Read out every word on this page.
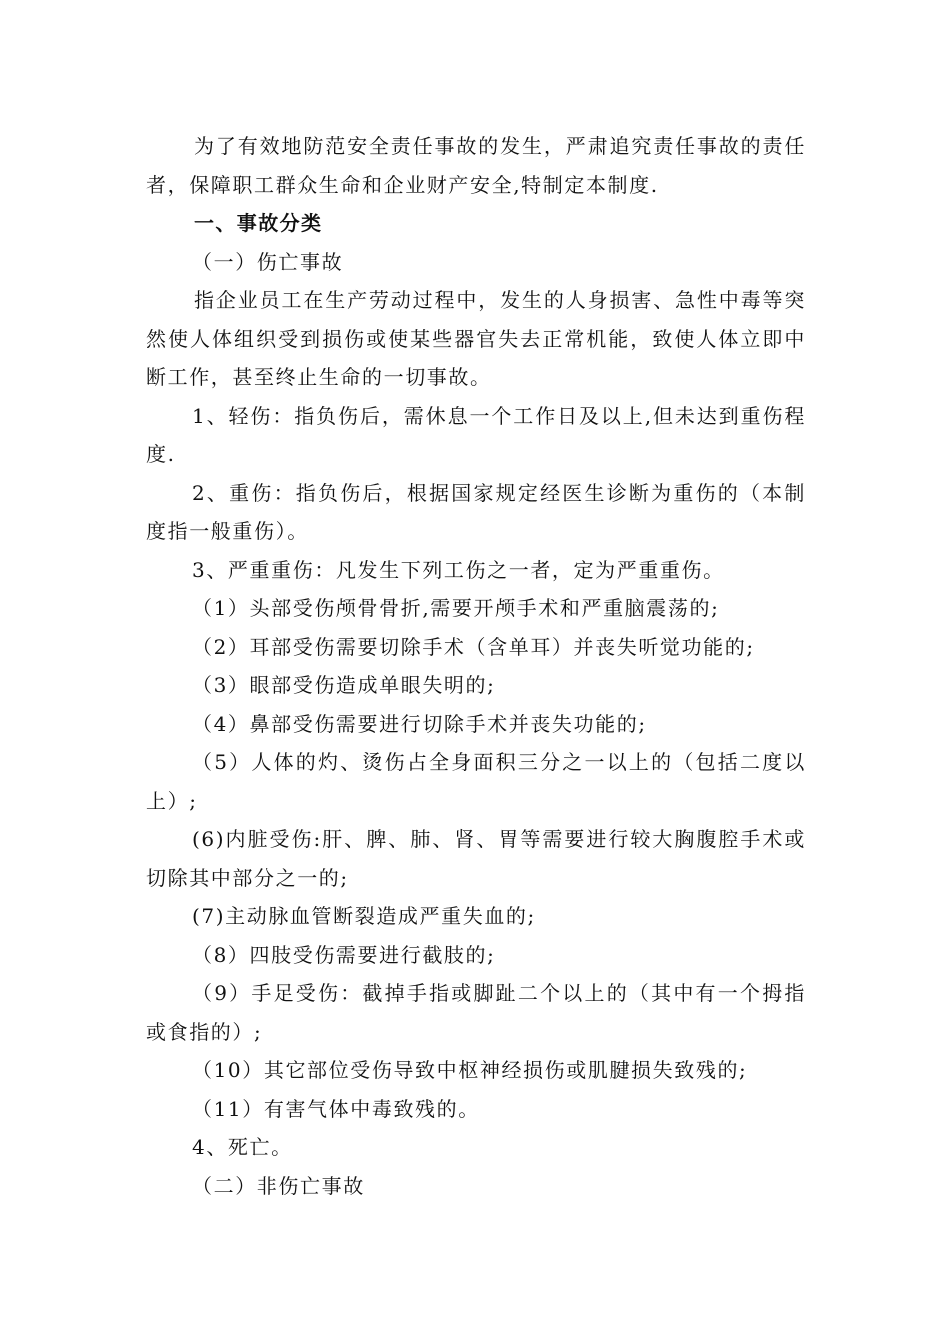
为了有效地防范安全责任事故的发生，严肃追究责任事故的责任者，保障职工群众生命和企业财产安全,特制定本制度.

一、事故分类

（一）伤亡事故

指企业员工在生产劳动过程中，发生的人身损害、急性中毒等突然使人体组织受到损伤或使某些器官失去正常机能，致使人体立即中断工作，甚至终止生命的一切事故。

1、轻伤：指负伤后，需休息一个工作日及以上,但未达到重伤程度.

2、重伤：指负伤后，根据国家规定经医生诊断为重伤的（本制度指一般重伤）。

3、严重重伤：凡发生下列工伤之一者，定为严重重伤。

（1）头部受伤颅骨骨折,需要开颅手术和严重脑震荡的;

（2）耳部受伤需要切除手术（含单耳）并丧失听觉功能的;

（3）眼部受伤造成单眼失明的;

（4）鼻部受伤需要进行切除手术并丧失功能的;

（5）人体的灼、烫伤占全身面积三分之一以上的（包括二度以上）;

(6)内脏受伤:肝、脾、肺、肾、胃等需要进行较大胸腹腔手术或切除其中部分之一的;

(7)主动脉血管断裂造成严重失血的;

（8）四肢受伤需要进行截肢的;

（9）手足受伤：截掉手指或脚趾二个以上的（其中有一个拇指或食指的）;

（10）其它部位受伤导致中枢神经损伤或肌腱损失致残的;

（11）有害气体中毒致残的。

4、死亡。

（二）非伤亡事故
